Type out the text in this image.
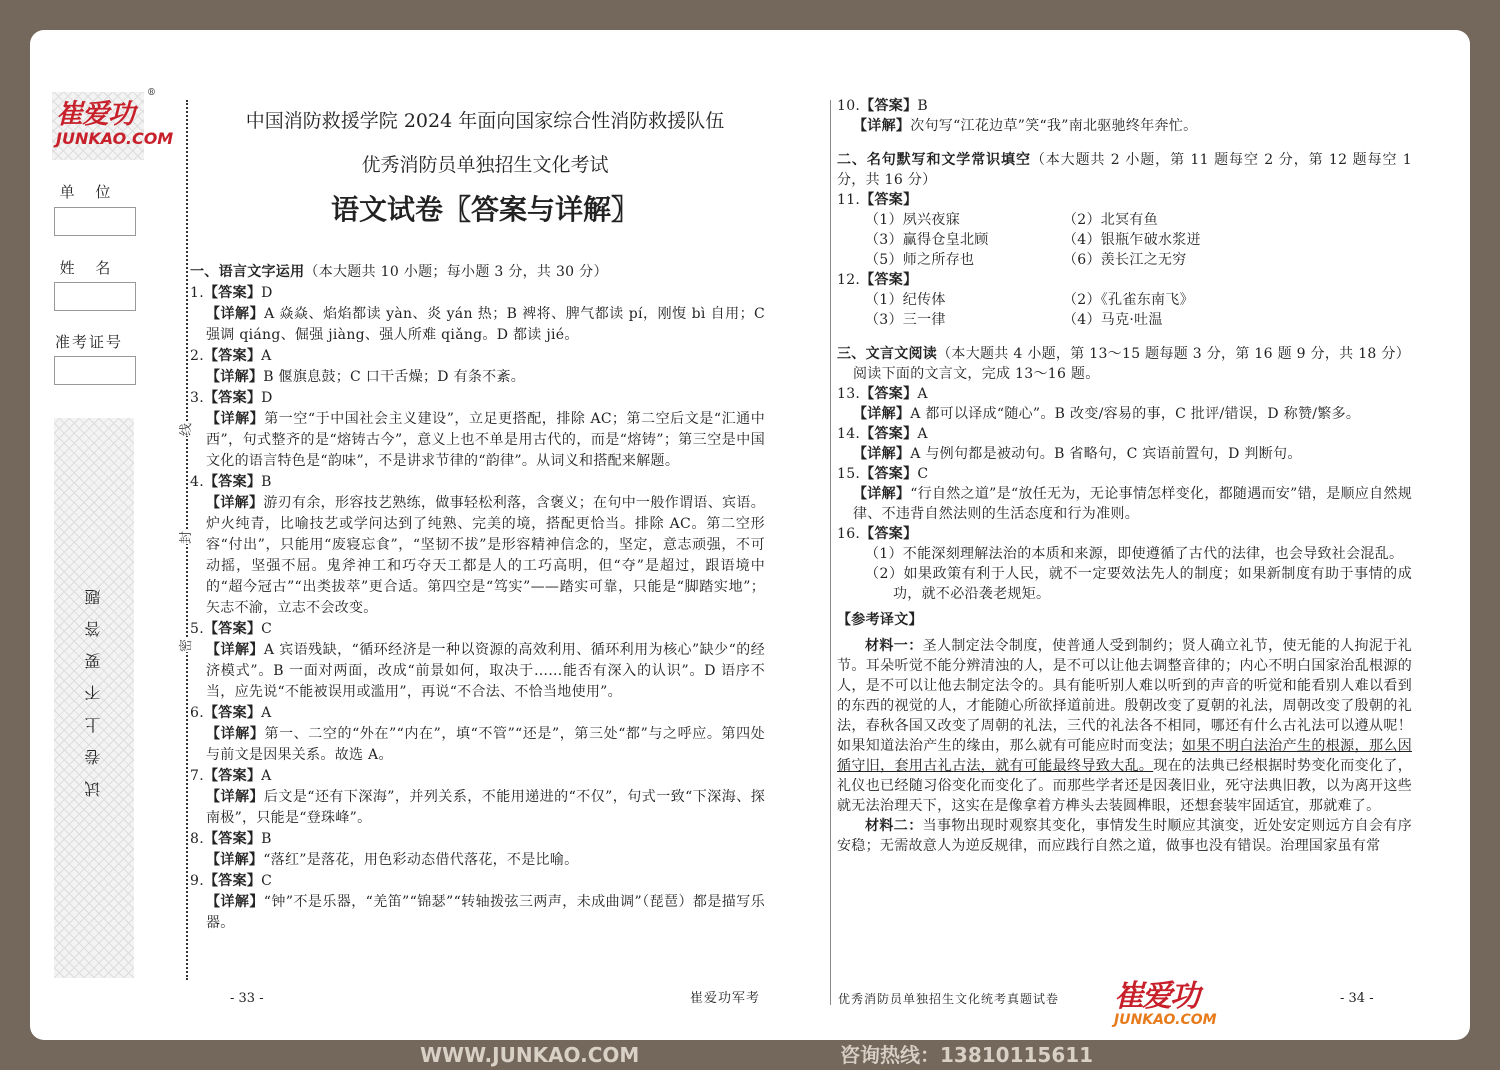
崔爱功
JUNKAO.COM
®
单 位
姓 名
准考证号
试卷上不要答题
线
封
密
中国消防救援学院 2024 年面向国家综合性消防救援队伍
优秀消防员单独招生文化考试
语文试卷〖答案与详解〗

一、语言文字运用（本大题共 10 小题；每小题 3 分，共 30 分）

1.【答案】D

【详解】A 焱焱、焰焰都读 yàn、炎 yán 热；B 裨将、脾气都读 pí，刚愎 bì 自用；C 强调 qiáng、倔强 jiàng、强人所难 qiǎng。D 都读 jié。

2.【答案】A

【详解】B 偃旗息鼓；C 口干舌燥；D 有条不紊。

3.【答案】D

【详解】第一空“于中国社会主义建设”，立足更搭配，排除 AC；第二空后文是“汇通中西”，句式整齐的是“熔铸古今”，意义上也不单是用古代的，而是“熔铸”；第三空是中国文化的语言特色是“韵味”，不是讲求节律的“韵律”。从词义和搭配来解题。

4.【答案】B

【详解】游刃有余，形容技艺熟练，做事轻松利落，含褒义；在句中一般作谓语、宾语。炉火纯青，比喻技艺或学问达到了纯熟、完美的境，搭配更恰当。排除 AC。第二空形容“付出”，只能用“废寝忘食”，“坚韧不拔”是形容精神信念的，坚定，意志顽强，不可动摇，坚强不屈。鬼斧神工和巧夺天工都是人的工巧高明，但“夺”是超过，跟语境中的“超今冠古”“出类拔萃”更合适。第四空是“笃实”——踏实可靠，只能是“脚踏实地”；矢志不渝，立志不会改变。

5.【答案】C

【详解】A 宾语残缺，“循环经济是一种以资源的高效利用、循环利用为核心”缺少“的经济模式”。B 一面对两面，改成“前景如何，取决于……能否有深入的认识”。D 语序不当，应先说“不能被误用或滥用”，再说“不合法、不恰当地使用”。

6.【答案】A

【详解】第一、二空的“外在”“内在”，填“不管”“还是”，第三处“都”与之呼应。第四处与前文是因果关系。故选 A。

7.【答案】A

【详解】后文是“还有下深海”，并列关系，不能用递进的“不仅”，句式一致“下深海、探南极”，只能是“登珠峰”。

8.【答案】B

【详解】“落红”是落花，用色彩动态借代落花，不是比喻。

9.【答案】C

【详解】“钟”不是乐器，“羌笛”“锦瑟”“转轴拨弦三两声，未成曲调”（琵琶）都是描写乐器。

- 33 -	崔爱功军考

10.【答案】B

【详解】次句写“江花边草”笑“我”南北驱驰终年奔忙。

二、名句默写和文学常识填空（本大题共 2 小题，第 11 题每空 2 分，第 12 题每空 1 分，共 16 分）

11.【答案】

（1）夙兴夜寐	（2）北冥有鱼
（3）赢得仓皇北顾	（4）银瓶乍破水浆迸
（5）师之所存也	（6）羡长江之无穷

12.【答案】

（1）纪传体	（2）《孔雀东南飞》
（3）三一律	（4）马克·吐温

三、文言文阅读（本大题共 4 小题，第 13～15 题每题 3 分，第 16 题 9 分，共 18 分）

阅读下面的文言文，完成 13～16 题。

13.【答案】A

【详解】A 都可以译成“随心”。B 改变/容易的事，C 批评/错误，D 称赞/繁多。

14.【答案】A

【详解】A 与例句都是被动句。B 省略句，C 宾语前置句，D 判断句。

15.【答案】C

【详解】“行自然之道”是“放任无为，无论事情怎样变化，都随遇而安”错，是顺应自然规律、不违背自然法则的生活态度和行为准则。

16.【答案】

（1）不能深刻理解法治的本质和来源，即使遵循了古代的法律，也会导致社会混乱。

（2）如果政策有利于人民，就不一定要效法先人的制度；如果新制度有助于事情的成功，就不必沿袭老规矩。

【参考译文】

材料一：圣人制定法令制度，使普通人受到制约；贤人确立礼节，使无能的人拘泥于礼节。耳朵听觉不能分辨清浊的人，是不可以让他去调整音律的；内心不明白国家治乱根源的人，是不可以让他去制定法令的。具有能听别人难以听到的声音的听觉和能看别人难以看到的东西的视觉的人，才能随心所欲择道前进。殷朝改变了夏朝的礼法，周朝改变了殷朝的礼法，春秋各国又改变了周朝的礼法，三代的礼法各不相同，哪还有什么古礼法可以遵从呢！如果知道法治产生的缘由，那么就有可能应时而变法；如果不明白法治产生的根源，那么因循守旧，套用古礼古法，就有可能最终导致大乱。现在的法典已经根据时势变化而变化了，礼仪也已经随习俗变化而变化了。而那些学者还是因袭旧业，死守法典旧教，以为离开这些就无法治理天下，这实在是像拿着方榫头去装圆榫眼，还想套装牢固适宜，那就难了。

材料二：当事物出现时观察其变化，事情发生时顺应其演变，近处安定则远方自会有序安稳；无需故意人为逆反规律，而应践行自然之道，做事也没有错误。治理国家虽有常

优秀消防员单独招生文化统考真题试卷 崔爱功
JUNKAO.COM
- 34 -
WWW.JUNKAO.COM	咨询热线：13810115611
